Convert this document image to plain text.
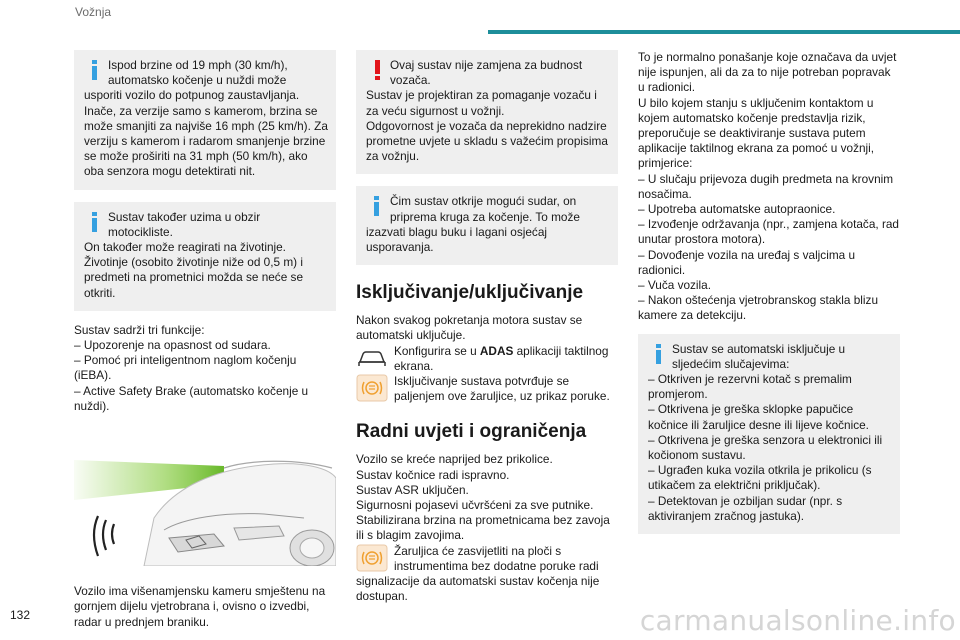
Vožnja
Ispod brzine od 19 mph (30 km/h), automatsko kočenje u nuždi može
usporiti vozilo do potpunog zaustavljanja. Inače, za verzije samo s kamerom, brzina se može smanjiti za najviše 16 mph (25 km/h). Za verziju s kamerom i radarom smanjenje brzine se može proširiti na 31 mph (50 km/h), ako oba senzora mogu detektirati nit.
Sustav također uzima u obzir motocikliste.
On također može reagirati na životinje. Životinje (osobito životinje niže od 0,5 m) i predmeti na prometnici možda se neće se otkriti.
Sustav sadrži tri funkcije:
– Upozorenje na opasnost od sudara.
– Pomoć pri inteligentnom naglom kočenju (iEBA).
– Active Safety Brake (automatsko kočenje u nuždi).
Vozilo ima višenamjensku kameru smještenu na gornjem dijelu vjetrobrana i, ovisno o izvedbi, radar u prednjem braniku.
Ovaj sustav nije zamjena za budnost vozača.
Sustav je projektiran za pomaganje vozaču i za veću sigurnost u vožnji.
Odgovornost je vozača da neprekidno nadzire prometne uvjete u skladu s važećim propisima za vožnju.
Čim sustav otkrije mogući sudar, on priprema kruga za kočenje. To može
izazvati blagu buku i lagani osjećaj usporavanja.
Isključivanje/uključivanje
Nakon svakog pokretanja motora sustav se automatski uključuje.
Konfigurira se u ADAS aplikaciji taktilnog ekrana.
Isključivanje sustava potvrđuje se paljenjem ove žaruljice, uz prikaz poruke.
Radni uvjeti i ograničenja
Vozilo se kreće naprijed bez prikolice.
Sustav kočnice radi ispravno.
Sustav ASR uključen.
Sigurnosni pojasevi učvršćeni za sve putnike.
Stabilizirana brzina na prometnicama bez zavoja ili s blagim zavojima.
Žaruljica će zasvijetliti na ploči s instrumentima bez dodatne poruke radi
signalizacije da automatski sustav kočenja nije dostupan.
To je normalno ponašanje koje označava da uvjet nije ispunjen, ali da za to nije potreban popravak u radionici.
U bilo kojem stanju s uključenim kontaktom u kojem automatsko kočenje predstavlja rizik, preporučuje se deaktiviranje sustava putem aplikacije taktilnog ekrana za pomoć u vožnji, primjerice:
– U slučaju prijevoza dugih predmeta na krovnim nosačima.
– Upotreba automatske autopraonice.
– Izvođenje održavanja (npr., zamjena kotača, rad unutar prostora motora).
– Dovođenje vozila na uređaj s valjcima u radionici.
– Vuča vozila.
– Nakon oštećenja vjetrobranskog stakla blizu kamere za detekciju.
Sustav se automatski isključuje u sljedećim slučajevima:
– Otkriven je rezervni kotač s premalim promjerom.
– Otkrivena je greška sklopke papučice kočnice ili žaruljice desne ili lijeve kočnice.
– Otkrivena je greška senzora u elektronici ili kočionom sustavu.
– Ugrađen kuka vozila otkrila je prikolicu (s utikačem za električni priključak).
– Detektovan je ozbiljan sudar (npr. s aktiviranjem zračnog jastuka).
132	carmanualsonline.info
